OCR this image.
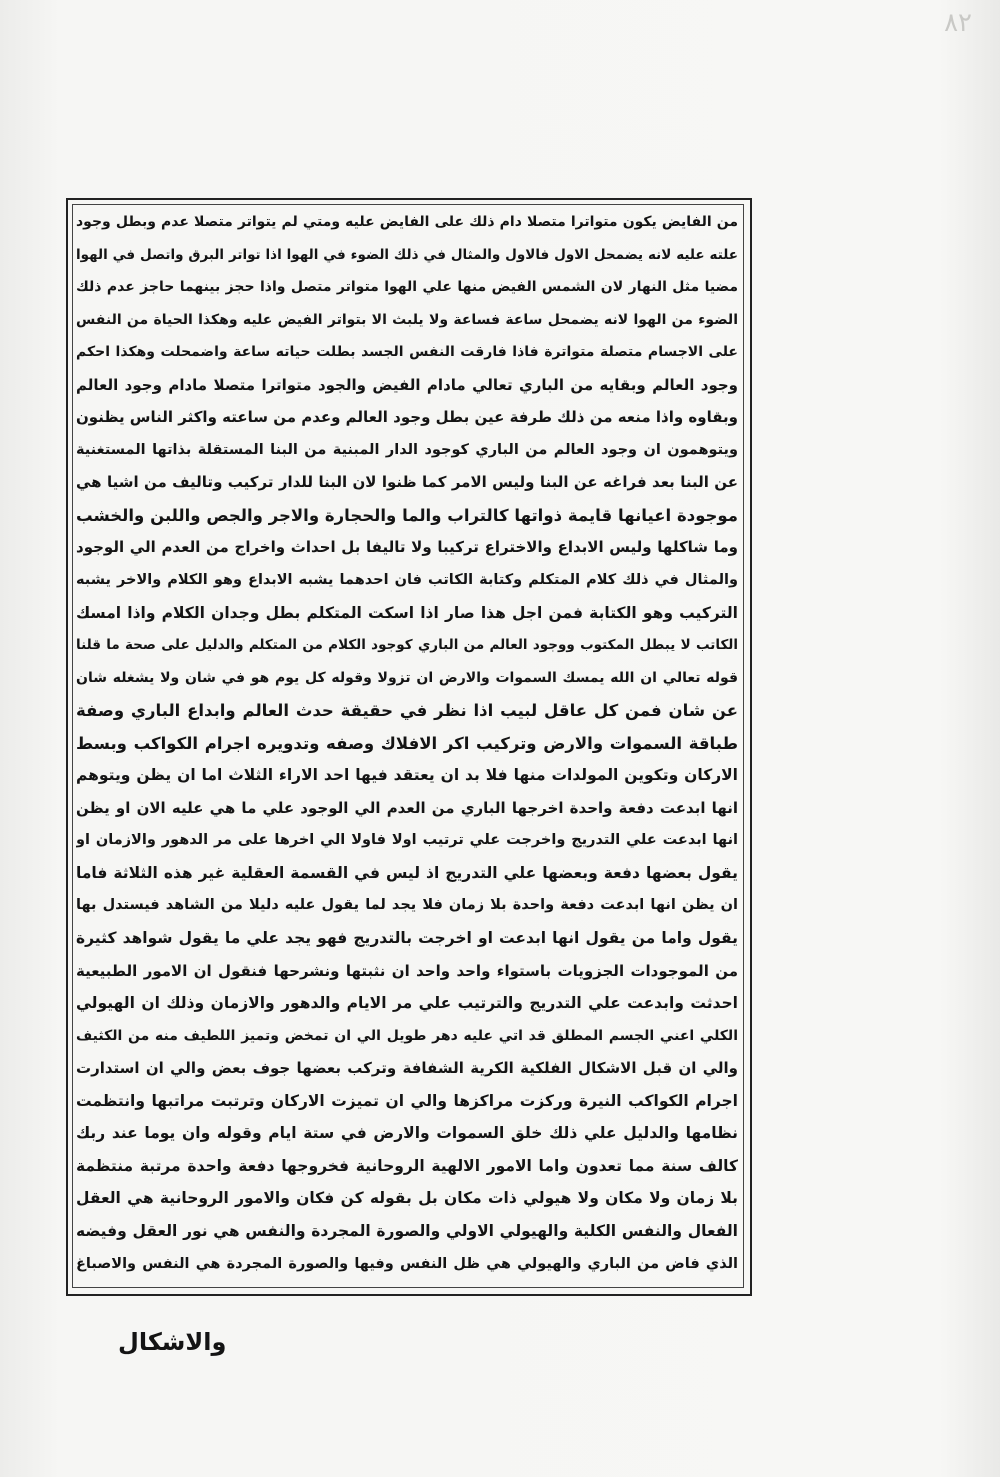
٨٢
من الفايض يكون متواترا متصلا دام ذلك على الفايض عليه ومتي لم يتواتر متصلا عدم وبطل وجود
علته عليه لانه يضمحل الاول فالاول والمثال في ذلك الضوء في الهوا اذا تواتر البرق واتصل في الهوا
مضيا مثل النهار لان الشمس الفيض منها علي الهوا متواتر متصل واذا حجز بينهما حاجز عدم ذلك
الضوء من الهوا لانه يضمحل ساعة فساعة ولا يلبث الا بتواتر الفيض عليه وهكذا الحياة من النفس
على الاجسام متصلة متواترة فاذا فارقت النفس الجسد بطلت حياته ساعة واضمحلت وهكذا احكم
وجود العالم وبقايه من الباري تعالي مادام الفيض والجود متواترا متصلا مادام وجود العالم
وبقاوه واذا منعه من ذلك طرفة عين بطل وجود العالم وعدم من ساعته واكثر الناس يظنون
ويتوهمون ان وجود العالم من الباري كوجود الدار المبنية من البنا المستقلة بذاتها المستغنية
عن البنا بعد فراغه عن البنا وليس الامر كما ظنوا لان البنا للدار تركيب وتاليف من اشيا هي
موجودة اعيانها قايمة ذواتها كالتراب والما والحجارة والاجر والجص واللبن والخشب
وما شاكلها وليس الابداع والاختراع تركيبا ولا تاليفا بل احداث واخراج من العدم الي الوجود
والمثال في ذلك كلام المتكلم وكتابة الكاتب فان احدهما يشبه الابداع وهو الكلام والاخر يشبه
التركيب وهو الكتابة فمن اجل هذا صار اذا اسكت المتكلم بطل وجدان الكلام واذا امسك
الكاتب لا يبطل المكتوب ووجود العالم من الباري كوجود الكلام من المتكلم والدليل على صحة ما قلنا
قوله تعالي ان الله يمسك السموات والارض ان تزولا وقوله كل يوم هو في شان ولا يشغله شان
عن شان فمن كل عاقل لبيب اذا نظر في حقيقة حدث العالم وابداع الباري وصفة
طباقة السموات والارض وتركيب اكر الافلاك وصفه وتدويره اجرام الكواكب وبسط
الاركان وتكوين المولدات منها فلا بد ان يعتقد فيها احد الاراء الثلاث اما ان يظن ويتوهم
انها ابدعت دفعة واحدة اخرجها الباري من العدم الي الوجود علي ما هي عليه الان او يظن
انها ابدعت علي التدريج واخرجت علي ترتيب اولا فاولا الي اخرها على مر الدهور والازمان او
يقول بعضها دفعة وبعضها علي التدريج اذ ليس في القسمة العقلية غير هذه الثلاثة فاما
ان يظن انها ابدعت دفعة واحدة بلا زمان فلا يجد لما يقول عليه دليلا من الشاهد فيستدل بها
يقول واما من يقول انها ابدعت او اخرجت بالتدريج فهو يجد علي ما يقول شواهد كثيرة
من الموجودات الجزويات باستواء واحد واحد ان نثبتها ونشرحها فنقول ان الامور الطبيعية
احدثت وابدعت علي التدريج والترتيب علي مر الايام والدهور والازمان وذلك ان الهيولي
الكلي اعني الجسم المطلق قد اتي عليه دهر طويل الي ان تمخض وتميز اللطيف منه من الكثيف
والي ان قبل الاشكال الفلكية الكرية الشفافة وتركب بعضها جوف بعض والي ان استدارت
اجرام الكواكب النيرة وركزت مراكزها والي ان تميزت الاركان وترتبت مراتبها وانتظمت
نظامها والدليل علي ذلك خلق السموات والارض في ستة ايام وقوله وان يوما عند ربك
كالف سنة مما تعدون واما الامور الالهية الروحانية فخروجها دفعة واحدة مرتبة منتظمة
بلا زمان ولا مكان ولا هيولي ذات مكان بل بقوله كن فكان والامور الروحانية هي العقل
الفعال والنفس الكلية والهيولي الاولي والصورة المجردة والنفس هي نور العقل وفيضه
الذي فاض من الباري والهيولي هي ظل النفس وفيها والصورة المجردة هي النفس والاصباغ
والاشكال
